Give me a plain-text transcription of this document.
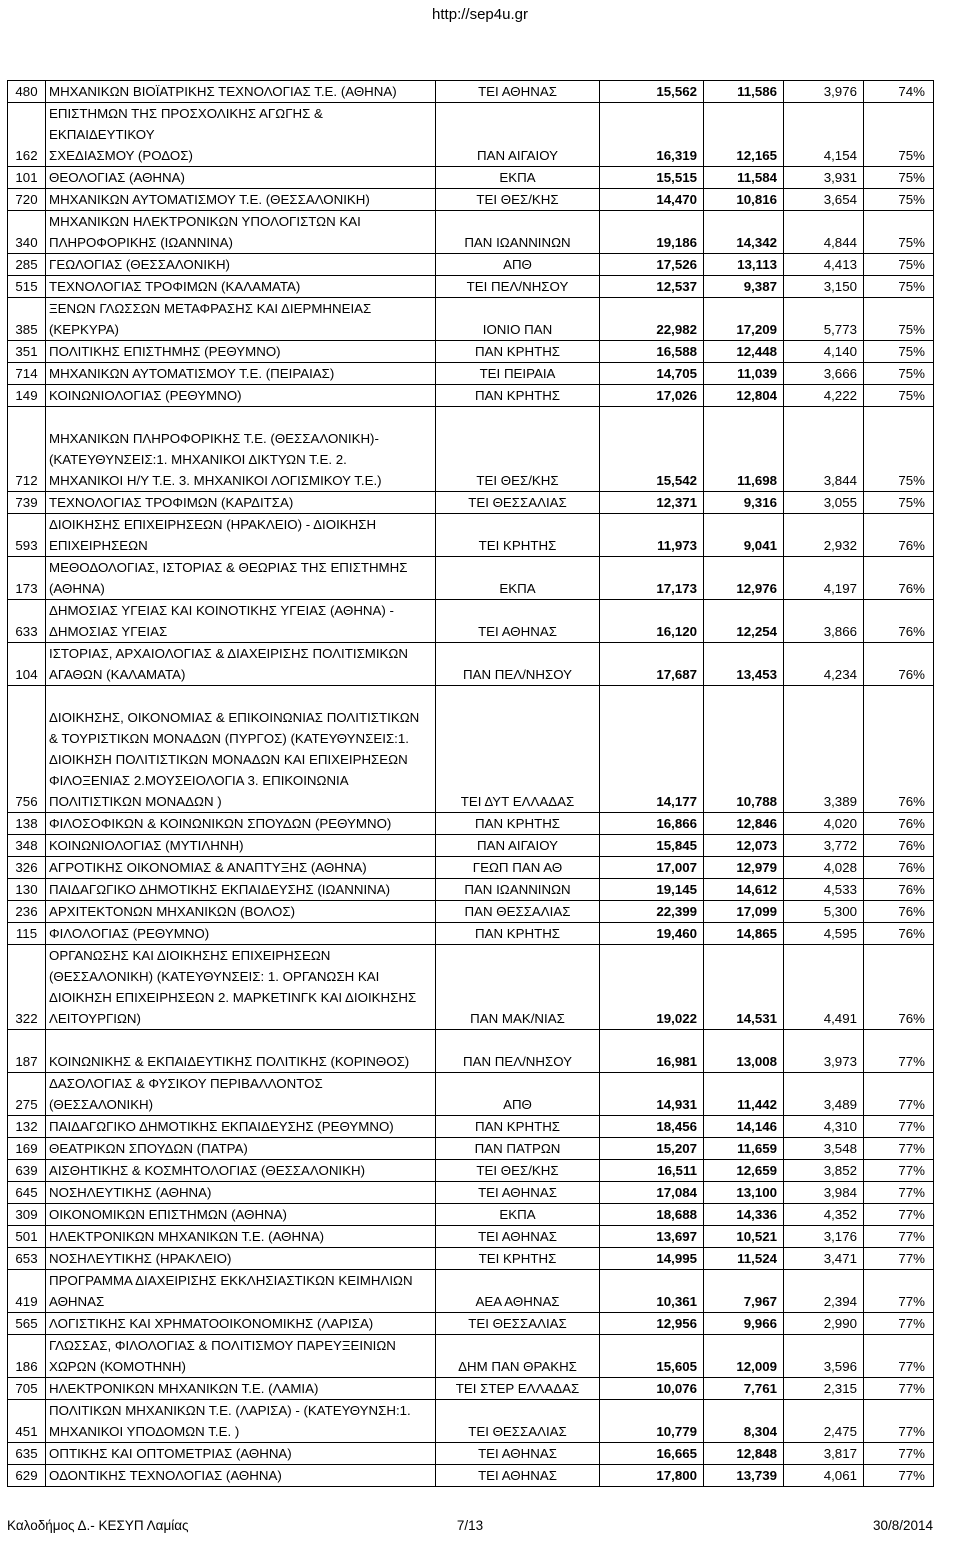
http://sep4u.gr
480	ΜΗΧΑΝΙΚΩΝ ΒΙΟΪΑΤΡΙΚΗΣ ΤΕΧΝΟΛΟΓΙΑΣ Τ.Ε. (ΑΘΗΝΑ)	ΤΕΙ ΑΘΗΝΑΣ	15,562	11,586	3,976	74%
162	ΕΠΙΣΤΗΜΩΝ ΤΗΣ ΠΡΟΣΧΟΛΙΚΗΣ ΑΓΩΓΗΣ & ΕΚΠΑΙΔΕΥΤΙΚΟΥ
ΣΧΕΔΙΑΣΜΟΥ (ΡΟΔΟΣ)	ΠΑΝ ΑΙΓΑΙΟΥ	16,319	12,165	4,154	75%
101	ΘΕΟΛΟΓΙΑΣ (ΑΘΗΝΑ)	ΕΚΠΑ	15,515	11,584	3,931	75%
720	ΜΗΧΑΝΙΚΩΝ ΑΥΤΟΜΑΤΙΣΜΟΥ Τ.Ε. (ΘΕΣΣΑΛΟΝΙΚΗ)	ΤΕΙ ΘΕΣ/ΚΗΣ	14,470	10,816	3,654	75%
340	ΜΗΧΑΝΙΚΩΝ ΗΛΕΚΤΡΟΝΙΚΩΝ ΥΠΟΛΟΓΙΣΤΩΝ ΚΑΙ
ΠΛΗΡΟΦΟΡΙΚΗΣ (ΙΩΑΝΝΙΝΑ)	ΠΑΝ ΙΩΑΝΝΙΝΩΝ	19,186	14,342	4,844	75%
285	ΓΕΩΛΟΓΙΑΣ (ΘΕΣΣΑΛΟΝΙΚΗ)	ΑΠΘ	17,526	13,113	4,413	75%
515	ΤΕΧΝΟΛΟΓΙΑΣ ΤΡΟΦΙΜΩΝ (ΚΑΛΑΜΑΤΑ)	ΤΕΙ ΠΕΛ/ΝΗΣΟΥ	12,537	9,387	3,150	75%
385	ΞΕΝΩΝ ΓΛΩΣΣΩΝ ΜΕΤΑΦΡΑΣΗΣ ΚΑΙ ΔΙΕΡΜΗΝΕΙΑΣ
(ΚΕΡΚΥΡΑ)	ΙΟΝΙΟ ΠΑΝ	22,982	17,209	5,773	75%
351	ΠΟΛΙΤΙΚΗΣ ΕΠΙΣΤΗΜΗΣ (ΡΕΘΥΜΝΟ)	ΠΑΝ ΚΡΗΤΗΣ	16,588	12,448	4,140	75%
714	ΜΗΧΑΝΙΚΩΝ ΑΥΤΟΜΑΤΙΣΜΟΥ Τ.Ε. (ΠΕΙΡΑΙΑΣ)	ΤΕΙ ΠΕΙΡΑΙΑ	14,705	11,039	3,666	75%
149	ΚΟΙΝΩΝΙΟΛΟΓΙΑΣ (ΡΕΘΥΜΝΟ)	ΠΑΝ ΚΡΗΤΗΣ	17,026	12,804	4,222	75%
712	ΜΗΧΑΝΙΚΩΝ ΠΛΗΡΟΦΟΡΙΚΗΣ Τ.Ε. (ΘΕΣΣΑΛΟΝΙΚΗ)-
(ΚΑΤΕΥΘΥΝΣΕΙΣ:1. ΜΗΧΑΝΙΚΟΙ ΔΙΚΤΥΩΝ Τ.Ε. 2.
ΜΗΧΑΝΙΚΟΙ Η/Υ Τ.Ε. 3. ΜΗΧΑΝΙΚΟΙ ΛΟΓΙΣΜΙΚΟΥ Τ.Ε.)	ΤΕΙ ΘΕΣ/ΚΗΣ	15,542	11,698	3,844	75%
739	ΤΕΧΝΟΛΟΓΙΑΣ ΤΡΟΦΙΜΩΝ (ΚΑΡΔΙΤΣΑ)	ΤΕΙ ΘΕΣΣΑΛΙΑΣ	12,371	9,316	3,055	75%
593	ΔΙΟΙΚΗΣΗΣ ΕΠΙΧΕΙΡΗΣΕΩΝ (ΗΡΑΚΛΕΙΟ) - ΔΙΟΙΚΗΣΗ
ΕΠΙΧΕΙΡΗΣΕΩΝ	ΤΕΙ ΚΡΗΤΗΣ	11,973	9,041	2,932	76%
173	ΜΕΘΟΔΟΛΟΓΙΑΣ, ΙΣΤΟΡΙΑΣ & ΘΕΩΡΙΑΣ ΤΗΣ ΕΠΙΣΤΗΜΗΣ
(ΑΘΗΝΑ)	ΕΚΠΑ	17,173	12,976	4,197	76%
633	ΔΗΜΟΣΙΑΣ ΥΓΕΙΑΣ ΚΑΙ ΚΟΙΝΟΤΙΚΗΣ ΥΓΕΙΑΣ (ΑΘΗΝΑ) -
ΔΗΜΟΣΙΑΣ ΥΓΕΙΑΣ	ΤΕΙ ΑΘΗΝΑΣ	16,120	12,254	3,866	76%
104	ΙΣΤΟΡΙΑΣ, ΑΡΧΑΙΟΛΟΓΙΑΣ & ΔΙΑΧΕΙΡΙΣΗΣ ΠΟΛΙΤΙΣΜΙΚΩΝ
ΑΓΑΘΩΝ (ΚΑΛΑΜΑΤΑ)	ΠΑΝ ΠΕΛ/ΝΗΣΟΥ	17,687	13,453	4,234	76%
756	ΔΙΟΙΚΗΣΗΣ, ΟΙΚΟΝΟΜΙΑΣ & ΕΠΙΚΟΙΝΩΝΙΑΣ ΠΟΛΙΤΙΣΤΙΚΩΝ
& ΤΟΥΡΙΣΤΙΚΩΝ ΜΟΝΑΔΩΝ (ΠΥΡΓΟΣ) (ΚΑΤΕΥΘΥΝΣΕΙΣ:1.
ΔΙΟΙΚΗΣΗ ΠΟΛΙΤΙΣΤΙΚΩΝ ΜΟΝΑΔΩΝ ΚΑΙ ΕΠΙΧΕΙΡΗΣΕΩΝ
ΦΙΛΟΞΕΝΙΑΣ 2.ΜΟΥΣΕΙΟΛΟΓΙΑ 3. ΕΠΙΚΟΙΝΩΝΙΑ
ΠΟΛΙΤΙΣΤΙΚΩΝ ΜΟΝΑΔΩΝ )	ΤΕΙ ΔΥΤ ΕΛΛΑΔΑΣ	14,177	10,788	3,389	76%
138	ΦΙΛΟΣΟΦΙΚΩΝ & ΚΟΙΝΩΝΙΚΩΝ ΣΠΟΥΔΩΝ (ΡΕΘΥΜΝΟ)	ΠΑΝ ΚΡΗΤΗΣ	16,866	12,846	4,020	76%
348	ΚΟΙΝΩΝΙΟΛΟΓΙΑΣ (ΜΥΤΙΛΗΝΗ)	ΠΑΝ ΑΙΓΑΙΟΥ	15,845	12,073	3,772	76%
326	ΑΓΡΟΤΙΚΗΣ ΟΙΚΟΝΟΜΙΑΣ & ΑΝΑΠΤΥΞΗΣ (ΑΘΗΝΑ)	ΓΕΩΠ ΠΑΝ ΑΘ	17,007	12,979	4,028	76%
130	ΠΑΙΔΑΓΩΓΙΚΟ ΔΗΜΟΤΙΚΗΣ ΕΚΠΑΙΔΕΥΣΗΣ (ΙΩΑΝΝΙΝΑ)	ΠΑΝ ΙΩΑΝΝΙΝΩΝ	19,145	14,612	4,533	76%
236	ΑΡΧΙΤΕΚΤΟΝΩΝ ΜΗΧΑΝΙΚΩΝ (ΒΟΛΟΣ)	ΠΑΝ ΘΕΣΣΑΛΙΑΣ	22,399	17,099	5,300	76%
115	ΦΙΛΟΛΟΓΙΑΣ (ΡΕΘΥΜΝΟ)	ΠΑΝ ΚΡΗΤΗΣ	19,460	14,865	4,595	76%
322	ΟΡΓΑΝΩΣΗΣ ΚΑΙ ΔΙΟΙΚΗΣΗΣ ΕΠΙΧΕΙΡΗΣΕΩΝ
(ΘΕΣΣΑΛΟΝΙΚΗ) (ΚΑΤΕΥΘΥΝΣΕΙΣ: 1. ΟΡΓΑΝΩΣΗ ΚΑΙ
ΔΙΟΙΚΗΣΗ ΕΠΙΧΕΙΡΗΣΕΩΝ 2. ΜΑΡΚΕΤΙΝΓΚ ΚΑΙ ΔΙΟΙΚΗΣΗΣ
ΛΕΙΤΟΥΡΓΙΩΝ)	ΠΑΝ ΜΑΚ/ΝΙΑΣ	19,022	14,531	4,491	76%
187	ΚΟΙΝΩΝΙΚΗΣ & ΕΚΠΑΙΔΕΥΤΙΚΗΣ ΠΟΛΙΤΙΚΗΣ (ΚΟΡΙΝΘΟΣ)	ΠΑΝ ΠΕΛ/ΝΗΣΟΥ	16,981	13,008	3,973	77%
275	ΔΑΣΟΛΟΓΙΑΣ & ΦΥΣΙΚΟΥ ΠΕΡΙΒΑΛΛΟΝΤΟΣ
(ΘΕΣΣΑΛΟΝΙΚΗ)	ΑΠΘ	14,931	11,442	3,489	77%
132	ΠΑΙΔΑΓΩΓΙΚΟ ΔΗΜΟΤΙΚΗΣ ΕΚΠΑΙΔΕΥΣΗΣ (ΡΕΘΥΜΝΟ)	ΠΑΝ ΚΡΗΤΗΣ	18,456	14,146	4,310	77%
169	ΘΕΑΤΡΙΚΩΝ ΣΠΟΥΔΩΝ (ΠΑΤΡΑ)	ΠΑΝ ΠΑΤΡΩΝ	15,207	11,659	3,548	77%
639	ΑΙΣΘΗΤΙΚΗΣ & ΚΟΣΜΗΤΟΛΟΓΙΑΣ (ΘΕΣΣΑΛΟΝΙΚΗ)	ΤΕΙ ΘΕΣ/ΚΗΣ	16,511	12,659	3,852	77%
645	ΝΟΣΗΛΕΥΤΙΚΗΣ (ΑΘΗΝΑ)	ΤΕΙ ΑΘΗΝΑΣ	17,084	13,100	3,984	77%
309	ΟΙΚΟΝΟΜΙΚΩΝ ΕΠΙΣΤΗΜΩΝ (ΑΘΗΝΑ)	ΕΚΠΑ	18,688	14,336	4,352	77%
501	ΗΛΕΚΤΡΟΝΙΚΩΝ ΜΗΧΑΝΙΚΩΝ Τ.Ε. (ΑΘΗΝΑ)	ΤΕΙ ΑΘΗΝΑΣ	13,697	10,521	3,176	77%
653	ΝΟΣΗΛΕΥΤΙΚΗΣ (ΗΡΑΚΛΕΙΟ)	ΤΕΙ ΚΡΗΤΗΣ	14,995	11,524	3,471	77%
419	ΠΡΟΓΡΑΜΜΑ ΔΙΑΧΕΙΡΙΣΗΣ ΕΚΚΛΗΣΙΑΣΤΙΚΩΝ ΚΕΙΜΗΛΙΩΝ
ΑΘΗΝΑΣ	ΑΕΑ ΑΘΗΝΑΣ	10,361	7,967	2,394	77%
565	ΛΟΓΙΣΤΙΚΗΣ ΚΑΙ ΧΡΗΜΑΤΟΟΙΚΟΝΟΜΙΚΗΣ (ΛΑΡΙΣΑ)	ΤΕΙ ΘΕΣΣΑΛΙΑΣ	12,956	9,966	2,990	77%
186	ΓΛΩΣΣΑΣ, ΦΙΛΟΛΟΓΙΑΣ & ΠΟΛΙΤΙΣΜΟΥ ΠΑΡΕΥΞΕΙΝΙΩΝ
ΧΩΡΩΝ (ΚΟΜΟΤΗΝΗ)	ΔΗΜ ΠΑΝ ΘΡΑΚΗΣ	15,605	12,009	3,596	77%
705	ΗΛΕΚΤΡΟΝΙΚΩΝ ΜΗΧΑΝΙΚΩΝ Τ.Ε. (ΛΑΜΙΑ)	ΤΕΙ ΣΤΕΡ ΕΛΛΑΔΑΣ	10,076	7,761	2,315	77%
451	ΠΟΛΙΤΙΚΩΝ ΜΗΧΑΝΙΚΩΝ Τ.Ε. (ΛΑΡΙΣΑ) - (ΚΑΤΕΥΘΥΝΣΗ:1.
ΜΗΧΑΝΙΚΟΙ ΥΠΟΔΟΜΩΝ Τ.Ε. )	ΤΕΙ ΘΕΣΣΑΛΙΑΣ	10,779	8,304	2,475	77%
635	ΟΠΤΙΚΗΣ ΚΑΙ ΟΠΤΟΜΕΤΡΙΑΣ (ΑΘΗΝΑ)	ΤΕΙ ΑΘΗΝΑΣ	16,665	12,848	3,817	77%
629	ΟΔΟΝΤΙΚΗΣ ΤΕΧΝΟΛΟΓΙΑΣ (ΑΘΗΝΑ)	ΤΕΙ ΑΘΗΝΑΣ	17,800	13,739	4,061	77%
Καλοδήμος Δ.- ΚΕΣΥΠ Λαμίας	7/13	30/8/2014
